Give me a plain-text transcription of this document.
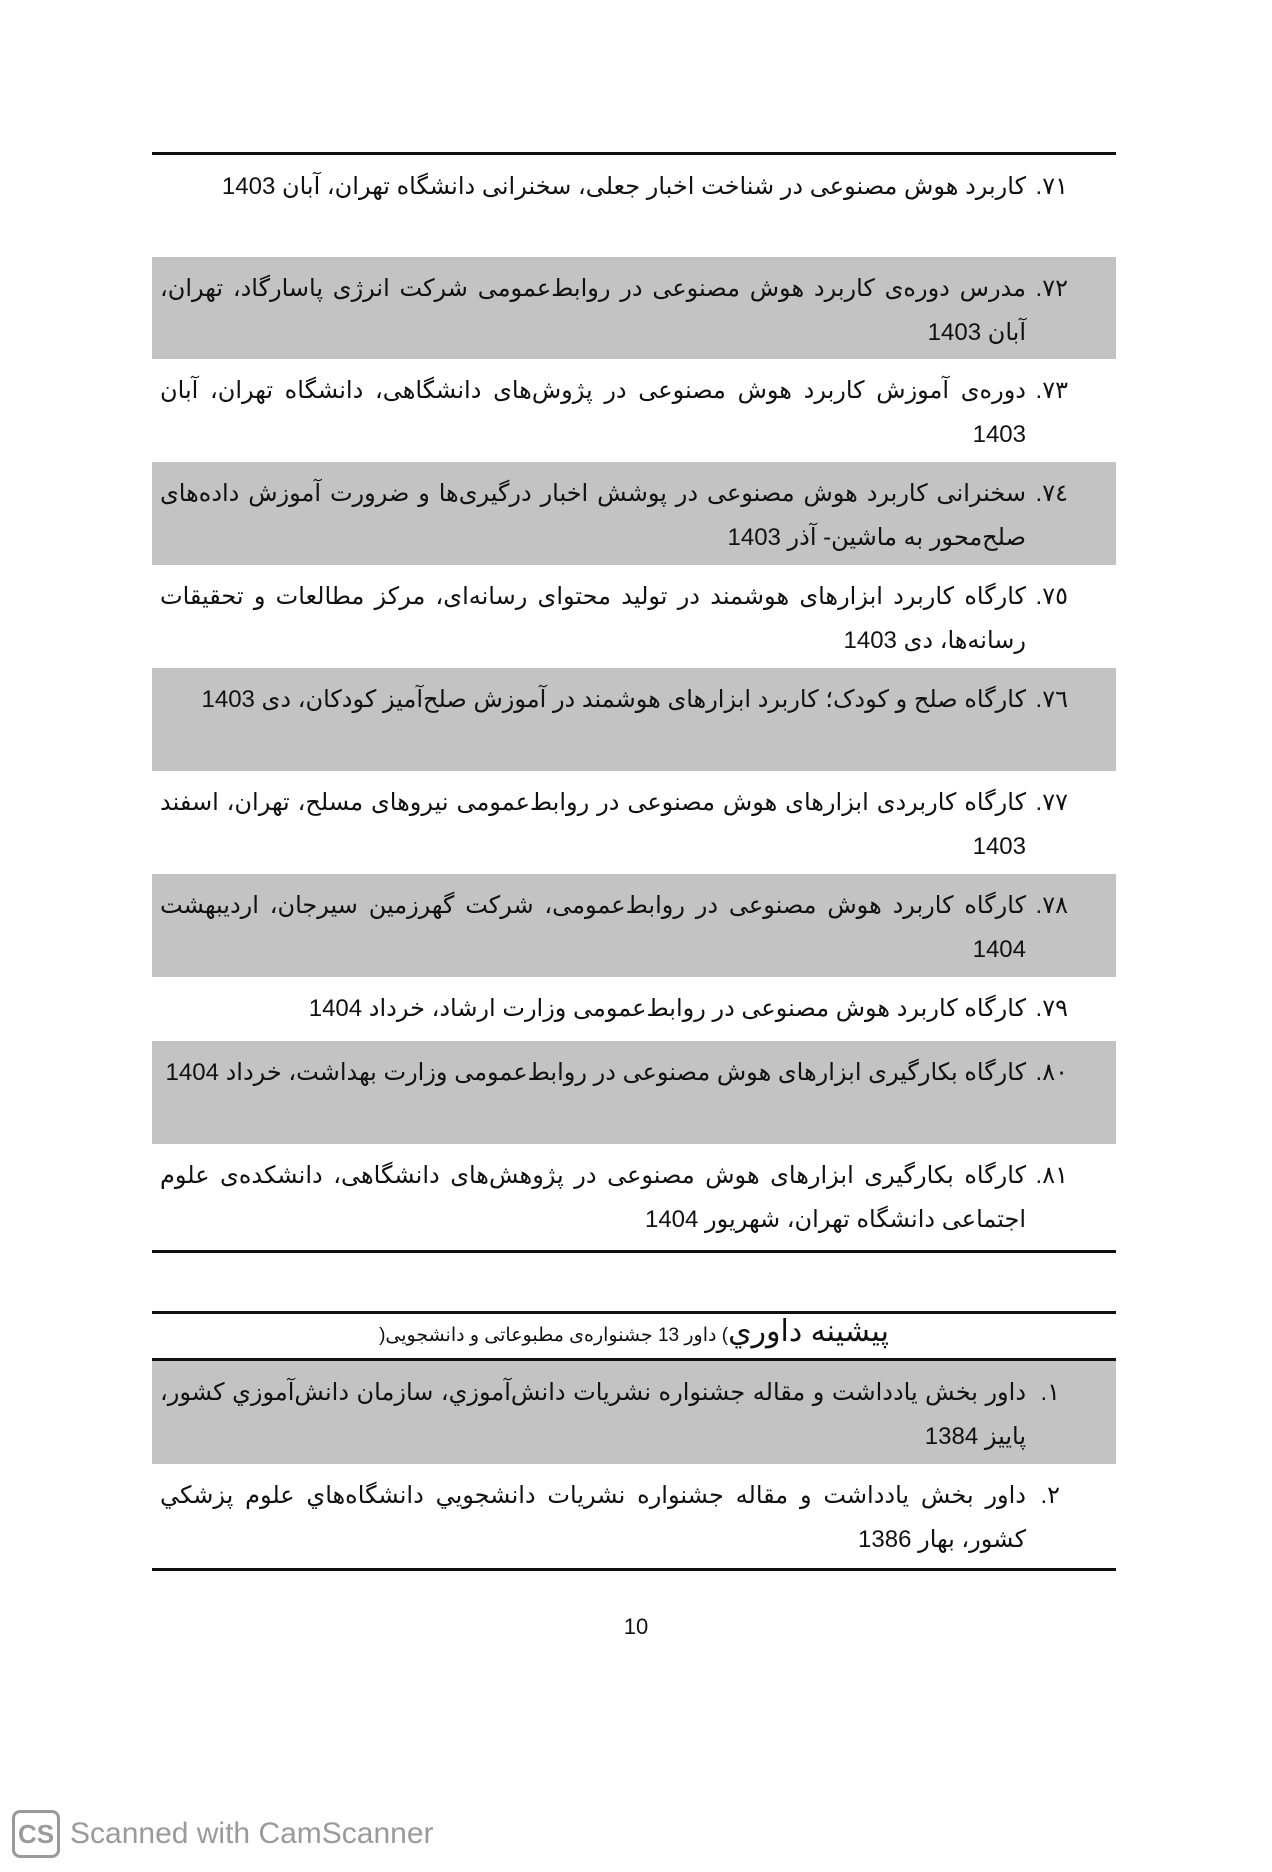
۷۱.
کاربرد هوش مصنوعی در شناخت اخبار جعلی، سخنرانی دانشگاه تهران، آبان 1403
۷۲.
مدرس دوره‌ی کاربرد هوش مصنوعی در روابط‌عمومی شرکت انرژی پاسارگاد، تهران، آبان 1403
۷۳.
دوره‌ی آموزش کاربرد هوش مصنوعی در پژوش‌های دانشگاهی، دانشگاه تهران، آبان 1403
۷٤.
سخنرانی کاربرد هوش مصنوعی در پوشش اخبار درگیری‌ها و ضرورت آموزش داده‌های صلح‌محور به ماشین- آذر 1403
۷٥.
کارگاه کاربرد ابزارهای هوشمند در تولید محتوای رسانه‌ای، مرکز مطالعات و تحقیقات رسانه‌ها، دی 1403
۷٦.
کارگاه صلح و کودک؛ کاربرد ابزارهای هوشمند در آموزش صلح‌آمیز کودکان، دی 1403
۷۷.
کارگاه کاربردی ابزارهای هوش مصنوعی در روابط‌عمومی نیروهای مسلح، تهران، اسفند 1403
۷۸.
کارگاه کاربرد هوش مصنوعی در روابط‌عمومی، شرکت گهرزمین سیرجان، اردیبهشت 1404
۷۹.
کارگاه کاربرد هوش مصنوعی در روابط‌عمومی وزارت ارشاد، خرداد 1404
۸۰.
کارگاه بکارگیری ابزارهای هوش مصنوعی در روابط‌عمومی وزارت بهداشت، خرداد 1404
۸۱.
کارگاه بکارگیری ابزارهای هوش مصنوعی در پژوهش‌های دانشگاهی، دانشکده‌ی علوم اجتماعی دانشگاه تهران، شهریور 1404
پیشینه داوري) داور 13 جشنواره‌ی مطبوعاتی و دانشجویی(
۱.
داور بخش يادداشت و مقاله جشنواره نشريات دانش‌آموزي، سازمان دانش‌آموزي كشور، پاييز 1384
۲.
داور بخش يادداشت و مقاله جشنواره نشريات دانشجويي دانشگاه‌هاي علوم پزشكي كشور، بهار 1386
10
CS Scanned with CamScanner
